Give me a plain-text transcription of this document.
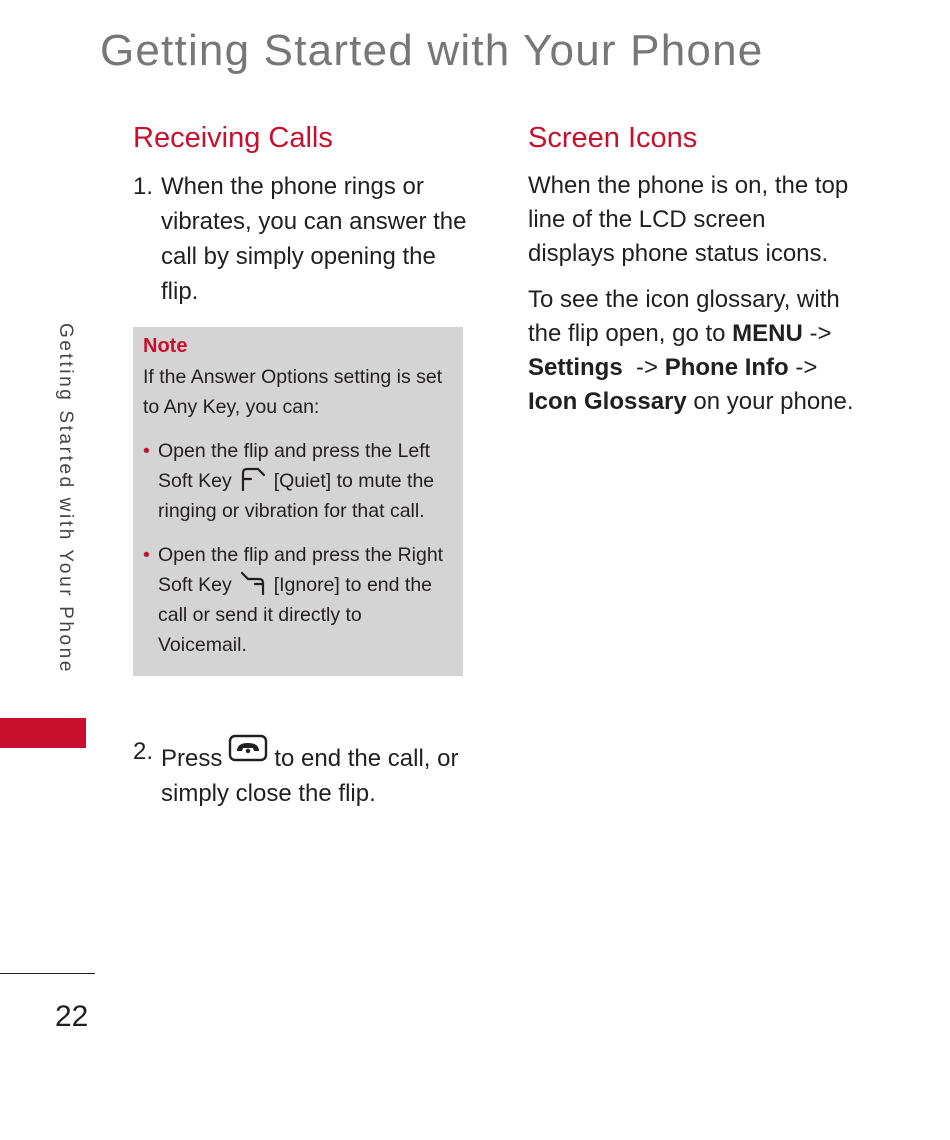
Getting Started with Your Phone
Getting Started with Your Phone
22
Receiving Calls
1. When the phone rings or vibrates, you can answer the call by simply opening the flip.
Note
If the Answer Options setting is set to Any Key, you can:
• Open the flip and press the Left Soft Key [Quiet] to mute the ringing or vibration for that call.
• Open the flip and press the Right Soft Key [Ignore] to end the call or send it directly to Voicemail.
2. Press to end the call, or simply close the flip.
Screen Icons

When the phone is on, the top line of the LCD screen displays phone status icons.

To see the icon glossary, with the flip open, go to MENU -> Settings  -> Phone Info -> Icon Glossary on your phone.
